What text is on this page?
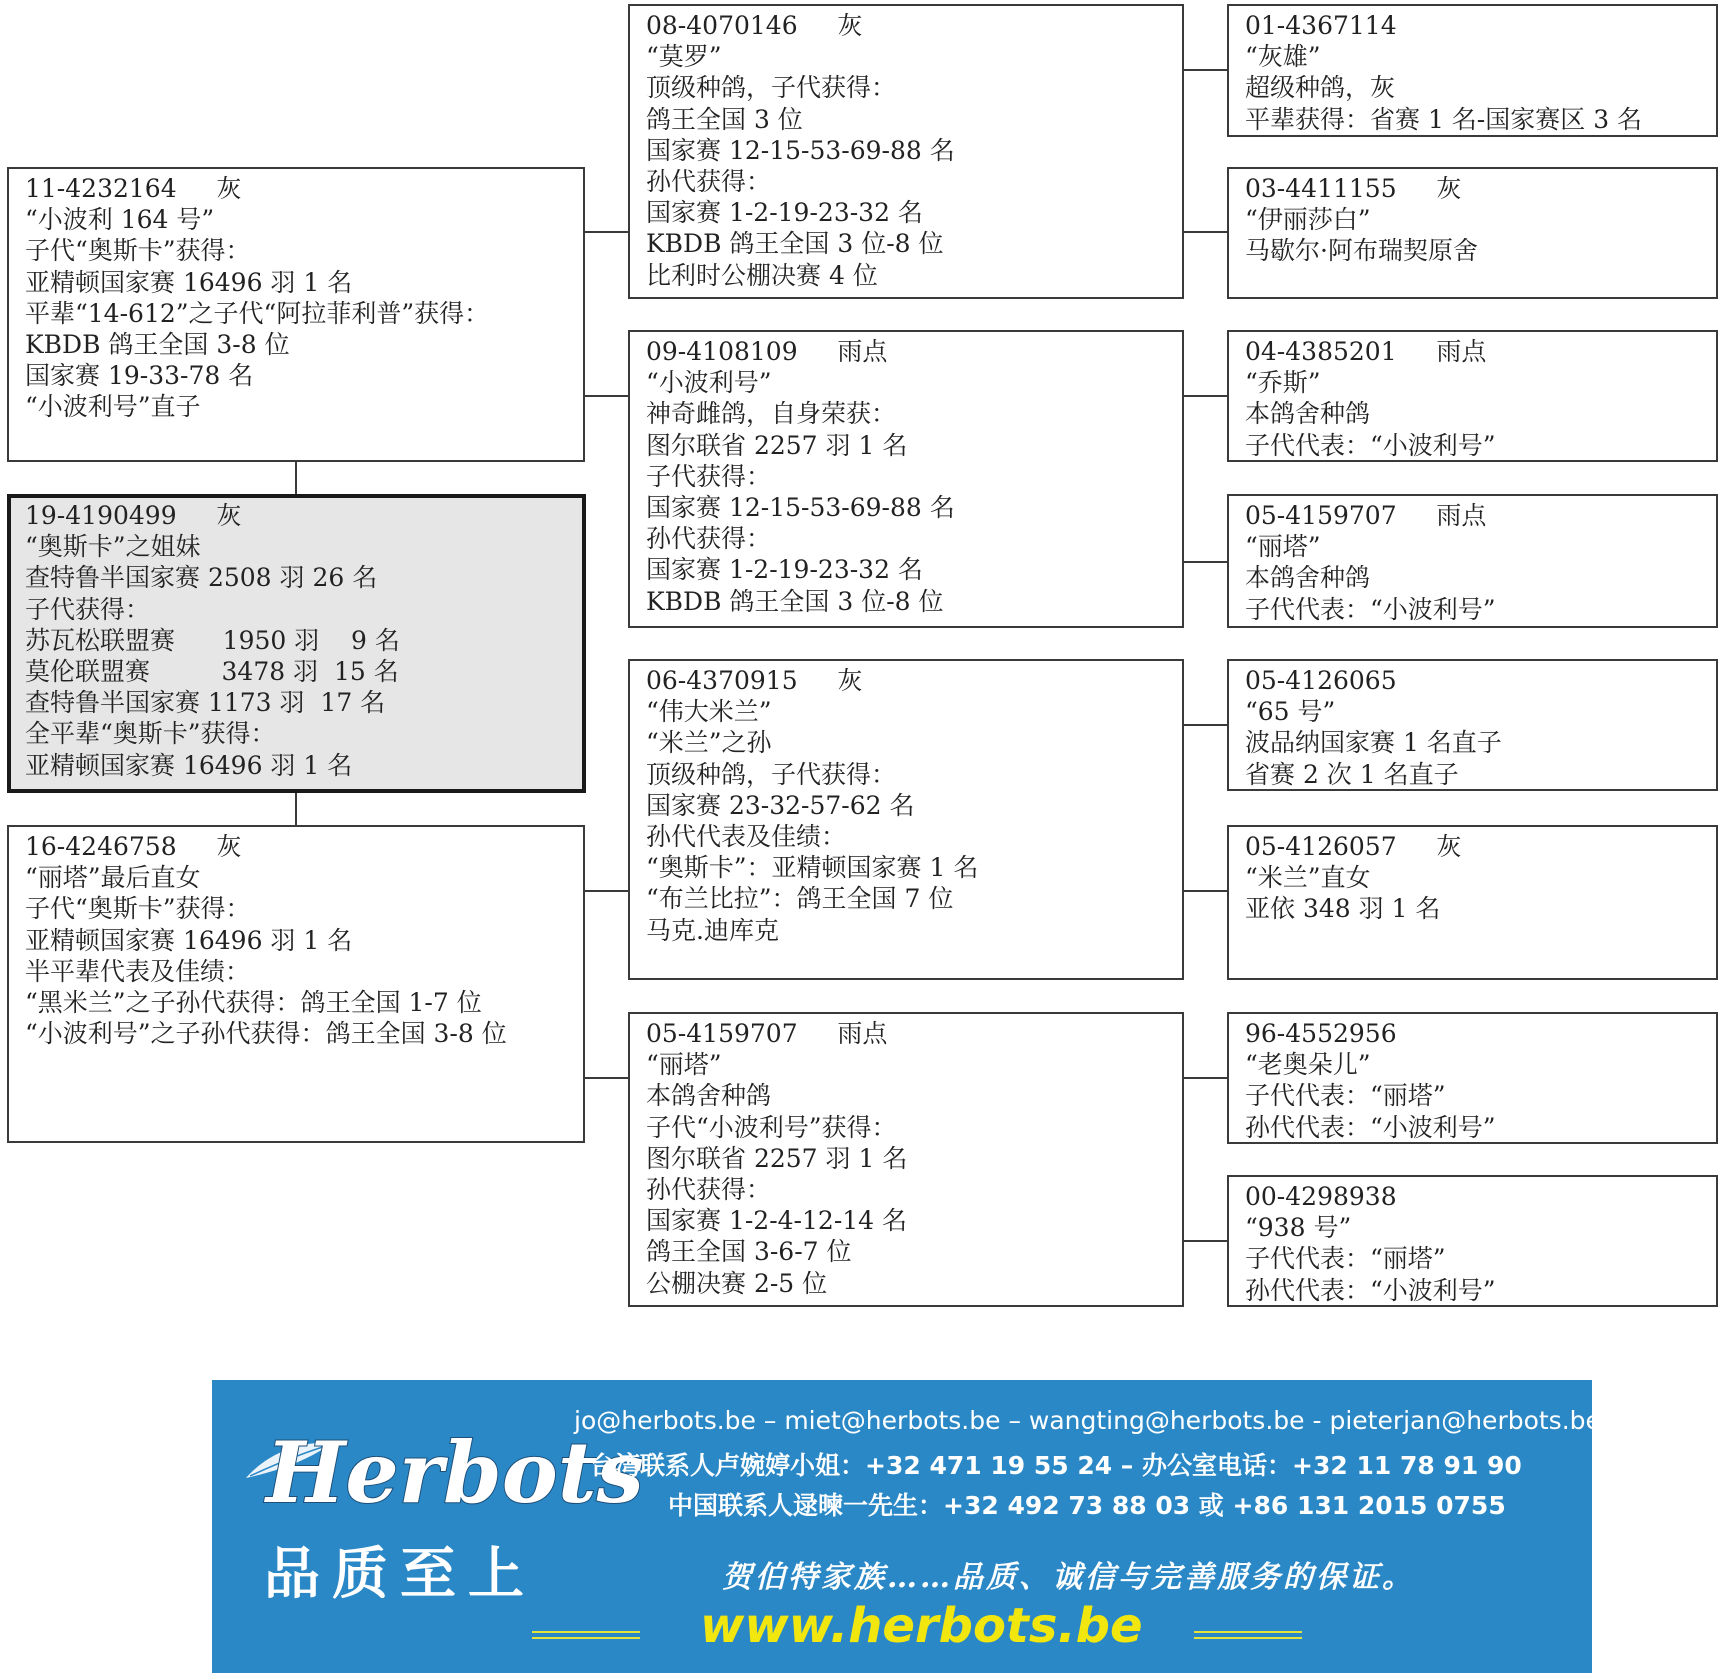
11-4232164 灰
“小波利 164 号”
子代“奥斯卡”获得：
亚精顿国家赛 16496 羽 1 名
平辈“14-612”之子代“阿拉菲利普”获得：
KBDB 鸽王全国 3-8 位
国家赛 19-33-78 名
“小波利号”直子
19-4190499 灰
“奥斯卡”之姐妹
查特鲁半国家赛 2508 羽 26 名
子代获得：
苏瓦松联盟赛      1950 羽    9 名
莫伦联盟赛         3478 羽  15 名
查特鲁半国家赛 1173 羽  17 名
全平辈“奥斯卡”获得：
亚精顿国家赛 16496 羽 1 名
16-4246758 灰
“丽塔”最后直女
子代“奥斯卡”获得：
亚精顿国家赛 16496 羽 1 名
半平辈代表及佳绩：
“黑米兰”之子孙代获得：鸽王全国 1-7 位
“小波利号”之子孙代获得：鸽王全国 3-8 位
08-4070146 灰
“莫罗”
顶级种鸽，子代获得：
鸽王全国 3 位
国家赛 12-15-53-69-88 名
孙代获得：
国家赛 1-2-19-23-32 名
KBDB 鸽王全国 3 位-8 位
比利时公棚决赛 4 位
09-4108109 雨点
“小波利号”
神奇雌鸽，自身荣获：
图尔联省 2257 羽 1 名
子代获得：
国家赛 12-15-53-69-88 名
孙代获得：
国家赛 1-2-19-23-32 名
KBDB 鸽王全国 3 位-8 位
06-4370915 灰
“伟大米兰”
“米兰”之孙
顶级种鸽，子代获得：
国家赛 23-32-57-62 名
孙代代表及佳绩：
“奥斯卡”：亚精顿国家赛 1 名
“布兰比拉”：鸽王全国 7 位
马克.迪库克
05-4159707 雨点
“丽塔”
本鸽舍种鸽
子代“小波利号”获得：
图尔联省 2257 羽 1 名
孙代获得：
国家赛 1-2-4-12-14 名
鸽王全国 3-6-7 位
公棚决赛 2-5 位
01-4367114
“灰雄”
超级种鸽，灰
平辈获得：省赛 1 名-国家赛区 3 名
03-4411155 灰
“伊丽莎白”
马歇尔·阿布瑞契原舍
04-4385201 雨点
“乔斯”
本鸽舍种鸽
子代代表：“小波利号”
05-4159707 雨点
“丽塔”
本鸽舍种鸽
子代代表：“小波利号”
05-4126065
“65 号”
波品纳国家赛 1 名直子
省赛 2 次 1 名直子
05-4126057 灰
“米兰”直女
亚依 348 羽 1 名
96-4552956
“老奥朵儿”
子代代表：“丽塔”
孙代代表：“小波利号”
00-4298938
“938 号”
子代代表：“丽塔”
孙代代表：“小波利号”
Herbots
品质至上
jo@herbots.be – miet@herbots.be – wangting@herbots.be - pieterjan@herbots.be
台湾联系人卢婉婷小姐：+32 471 19 55 24 – 办公室电话：+32 11 78 91 90
中国联系人逯暕一先生：+32 492 73 88 03 或 +86 131 2015 0755
贺伯特家族……品质、诚信与完善服务的保证。
www.herbots.be
